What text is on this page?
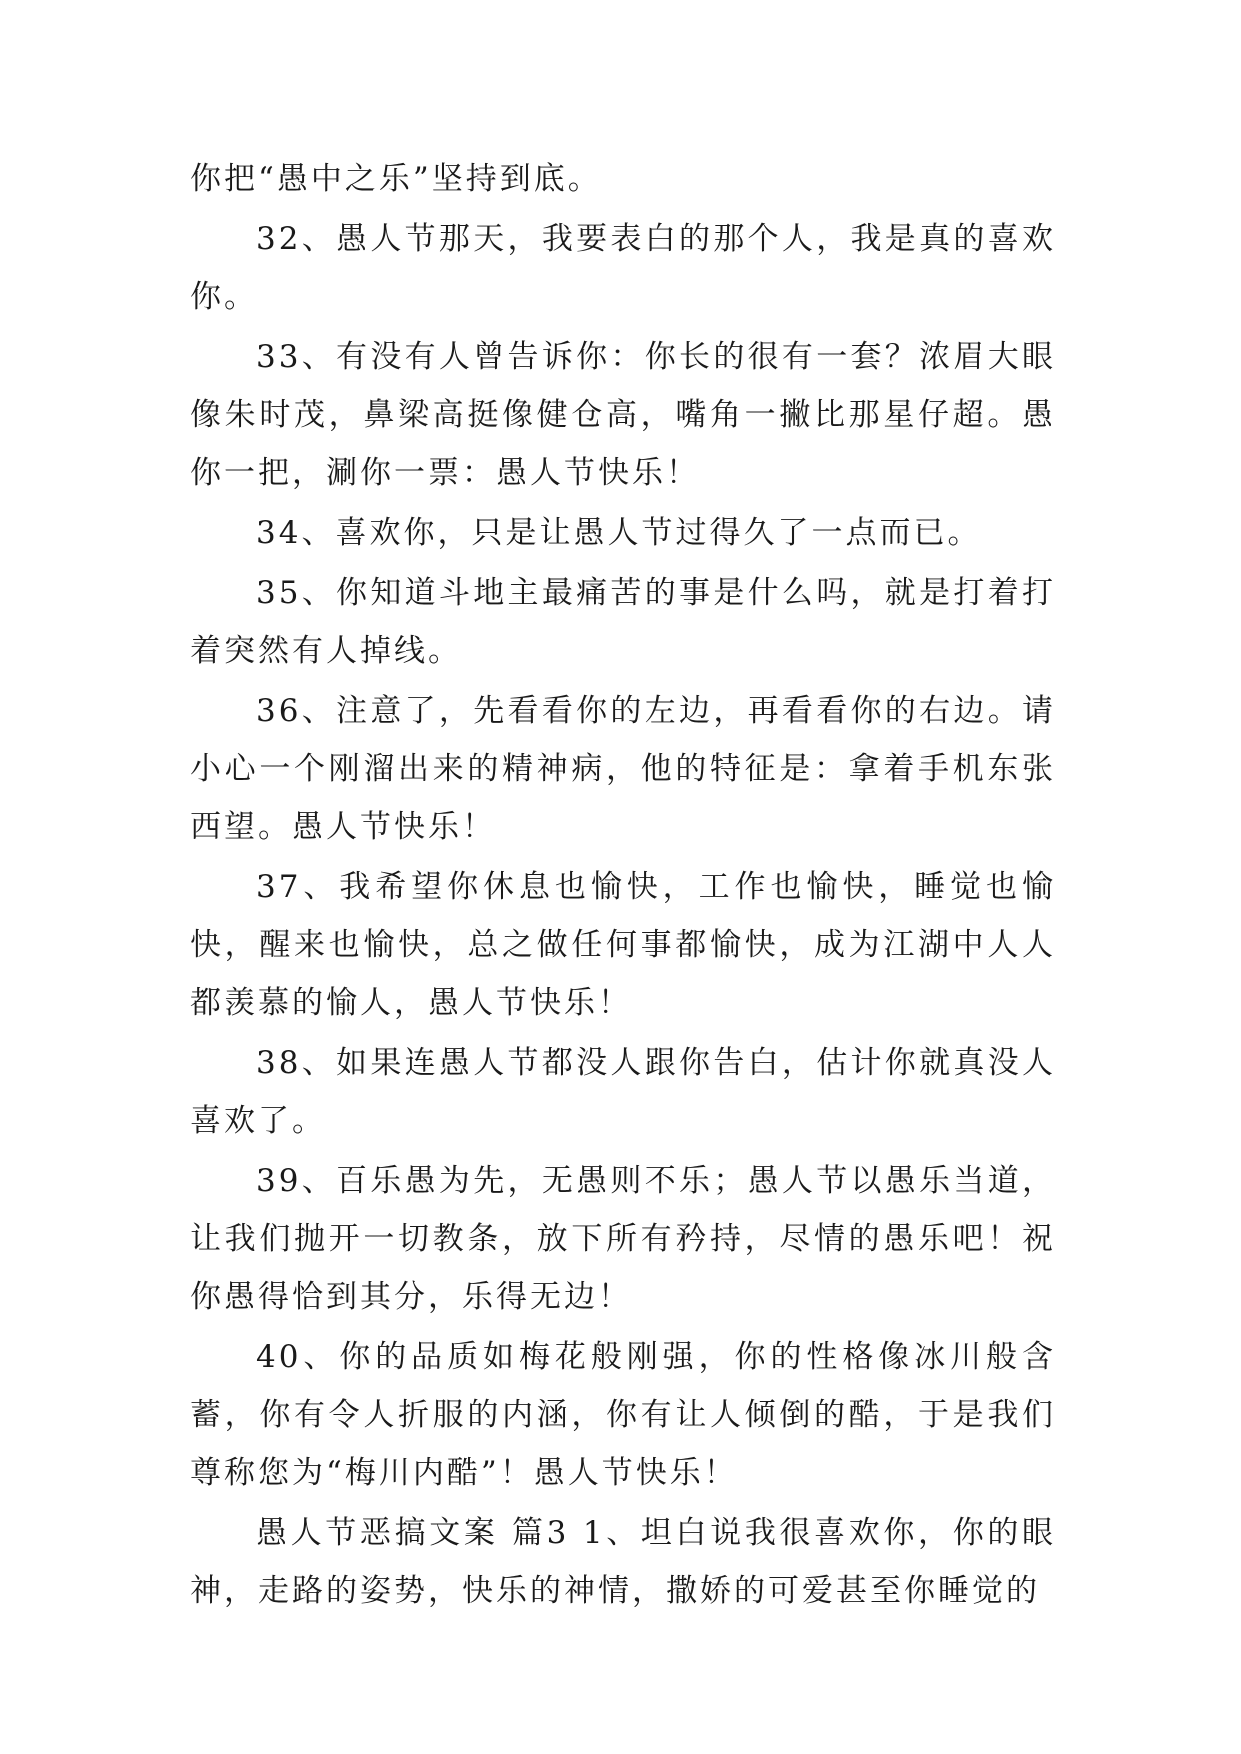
你把“愚中之乐”坚持到底。

32、愚人节那天，我要表白的那个人，我是真的喜欢你。

33、有没有人曾告诉你：你长的很有一套？浓眉大眼像朱时茂，鼻梁高挺像健仓高，嘴角一撇比那星仔超。愚你一把，涮你一票：愚人节快乐！

34、喜欢你，只是让愚人节过得久了一点而已。

35、你知道斗地主最痛苦的事是什么吗，就是打着打着突然有人掉线。

36、注意了，先看看你的左边，再看看你的右边。请小心一个刚溜出来的精神病，他的特征是：拿着手机东张西望。愚人节快乐！

37、我希望你休息也愉快，工作也愉快，睡觉也愉快，醒来也愉快，总之做任何事都愉快，成为江湖中人人都羡慕的愉人，愚人节快乐！

38、如果连愚人节都没人跟你告白，估计你就真没人喜欢了。

39、百乐愚为先，无愚则不乐；愚人节以愚乐当道，让我们抛开一切教条，放下所有矜持，尽情的愚乐吧！祝你愚得恰到其分，乐得无边！

40、你的品质如梅花般刚强，你的性格像冰川般含蓄，你有令人折服的内涵，你有让人倾倒的酷，于是我们尊称您为“梅川内酷”！愚人节快乐！

愚人节恶搞文案 篇3 1、坦白说我很喜欢你，你的眼神，走路的姿势，快乐的神情，撒娇的可爱甚至你睡觉的
